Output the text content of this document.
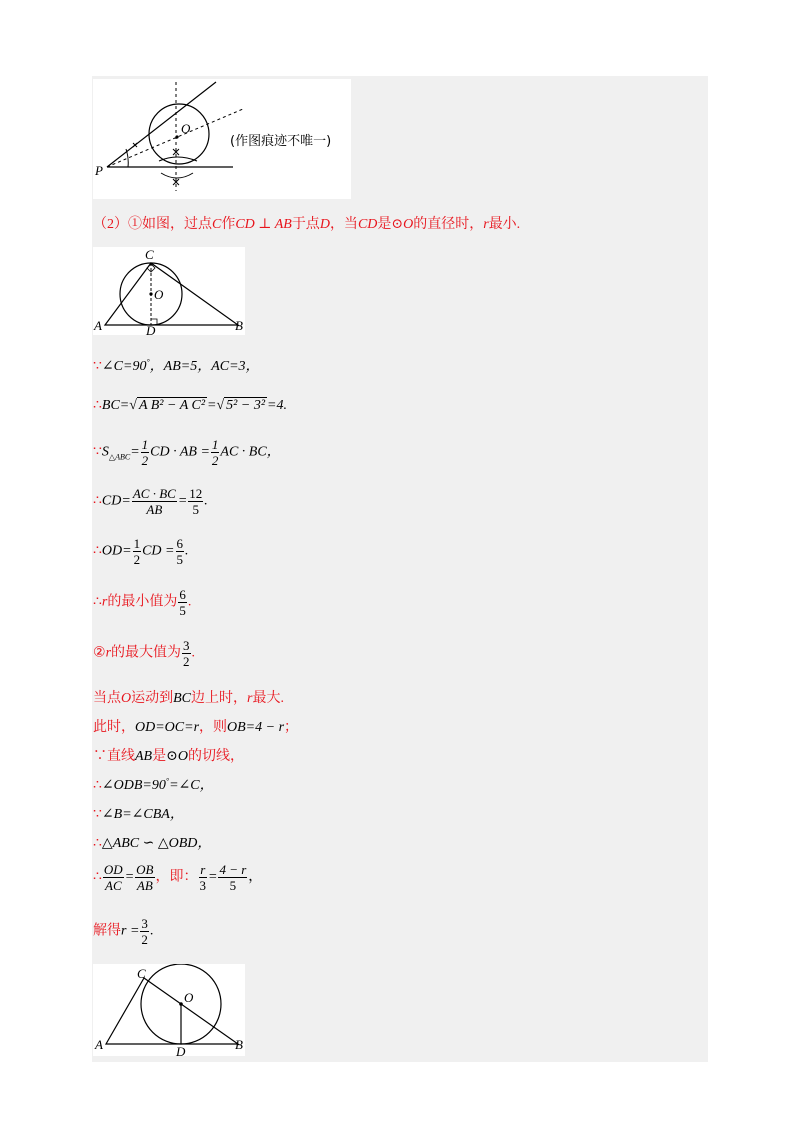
P
O
(作图痕迹不唯一)
（2）①如图，过点C作CD ⊥ AB于点D，当CD是⊙O的直径时，r最小.
C
O
A	D	B
∵∠C=90°，AB=5，AC=3，
∴BC=√ A B² − A C² =√ 5² − 3² =4.
$\because S_{\triangle ABC}= \frac{1}{2}$ CD · AB = $\frac{1}{2}$ AC · BC，
∴CD= $\frac{AC \cdot BC}{AB} = \frac{12}{5}$ .
∴OD= $\frac{1}{2}$ CD = $\frac{6}{5}$ .
∴r的最小值为 $\frac{6}{5}$ .
②r的最大值为 $\frac{3}{2}$ .
当点O运动到BC边上时，r最大.
此时，OD=OC=r，则OB=4 − r；
∵直线AB是⊙O的切线，
∴∠ODB=90°=∠C，
∵∠B=∠CBA，
∴△ABC ∽ △OBD，
∴ $\frac{OD}{AC} = \frac{OB}{AB}$ ，即： $\frac{r}{3} = \frac{4 - r}{5}$ ，
解得$r = \frac{3}{2}$ .
C
O
A	D	B
